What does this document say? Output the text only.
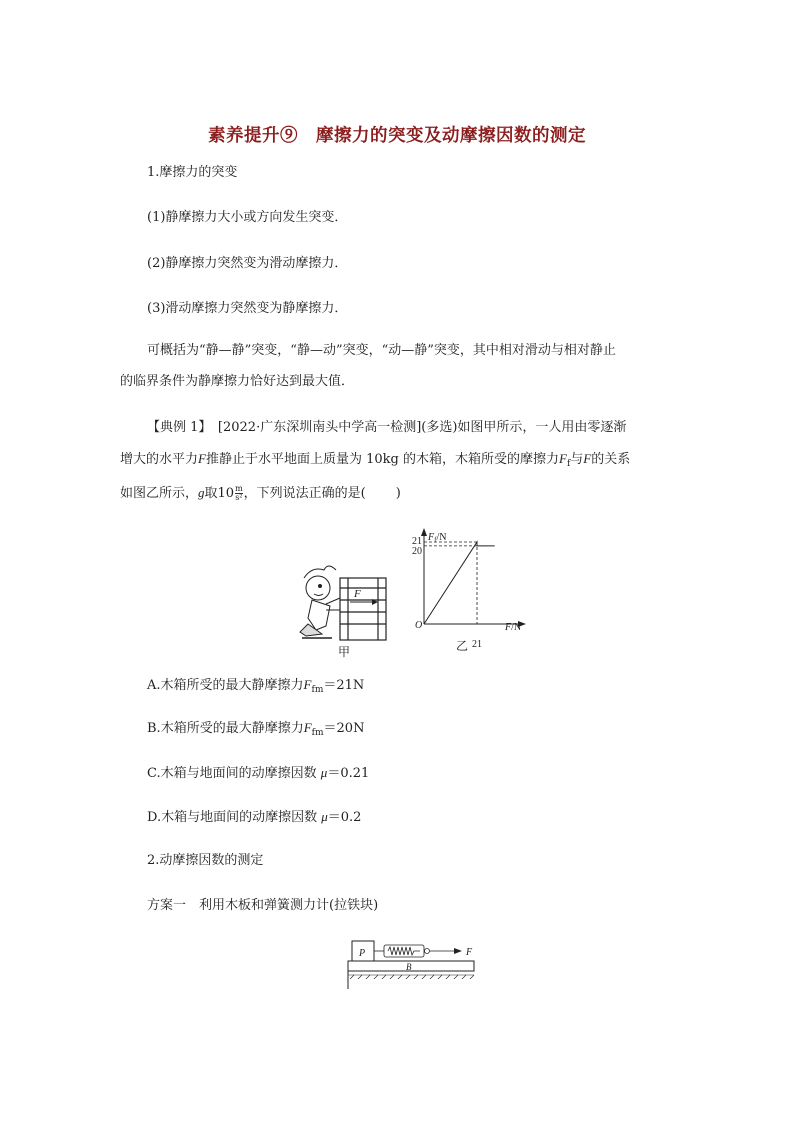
素养提升⑨ 摩擦力的突变及动摩擦因数的测定
1.摩擦力的突变
(1)静摩擦力大小或方向发生突变．
(2)静摩擦力突然变为滑动摩擦力．
(3)滑动摩擦力突然变为静摩擦力．
可概括为“静—静”突变，“静—动”突变，“动—静”突变，其中相对滑动与相对静止
的临界条件为静摩擦力恰好达到最大值．
【典例 1】　 [2022·广东深圳南头中学高一检测](多选)如图甲所示，一人用由零逐渐
增大的水平力F推静止于水平地面上质量为 10kg 的木箱，木箱所受的摩擦力$F_f$与F的关系
如图乙所示，g取$10 \frac{m}{\text{s²}}$ ，下列说法正确的是( )
F
甲
$F_f/N$
F/N
O
21
20
21
乙
A.木箱所受的最大静摩擦力$F_{fm}=21N$
B.木箱所受的最大静摩擦力$F_{fm}=20N$
C.木箱与地面间的动摩擦因数 μ＝0.21
D.木箱与地面间的动摩擦因数 μ＝0.2
2.动摩擦因数的测定
方案一　利用木板和弹簧测力计(拉铁块)
P	F
B
